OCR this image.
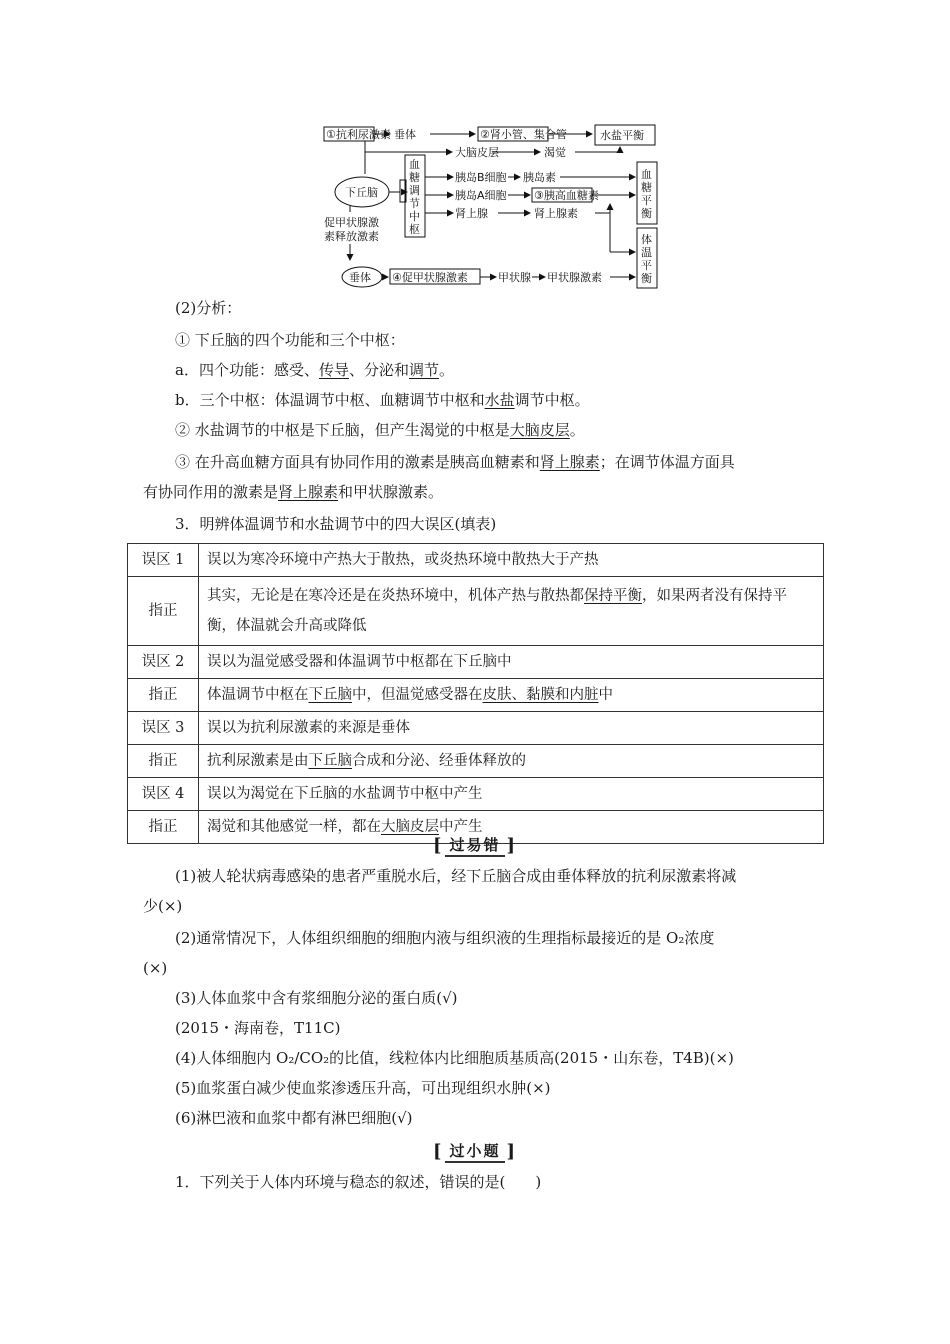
①抗利尿激素 垂体	②肾小管、集合管	水盐平衡
大脑皮层	渴觉
下丘脑
血
糖
调
节
中
枢
胰岛B细胞 胰岛素
胰岛A细胞 ③胰高血糖素
肾上腺	肾上腺素
血
糖
平
衡
体
温
平
衡
促甲状腺激
素释放激素
垂体 ④促甲状腺激素	甲状腺 甲状腺激素
(2)分析：
① 下丘脑的四个功能和三个中枢：
a．四个功能：感受、传导、分泌和调节。
b．三个中枢：体温调节中枢、血糖调节中枢和水盐调节中枢。
② 水盐调节的中枢是下丘脑，但产生渴觉的中枢是大脑皮层。
③ 在升高血糖方面具有协同作用的激素是胰高血糖素和肾上腺素；在调节体温方面具
有协同作用的激素是肾上腺素和甲状腺激素。
3．明辨体温调节和水盐调节中的四大误区(填表)
误区 1	误以为寒冷环境中产热大于散热，或炎热环境中散热大于产热
指正	其实，无论是在寒冷还是在炎热环境中，机体产热与散热都保持平衡，如果两者没有保持平衡，体温就会升高或降低
误区 2	误以为温觉感受器和体温调节中枢都在下丘脑中
指正	体温调节中枢在下丘脑中，但温觉感受器在皮肤、黏膜和内脏中
误区 3	误以为抗利尿激素的来源是垂体
指正	抗利尿激素是由下丘脑合成和分泌、经垂体释放的
误区 4	误以为渴觉在下丘脑的水盐调节中枢中产生
指正	渴觉和其他感觉一样，都在大脑皮层中产生
[ 过易错 ]
(1)被人轮状病毒感染的患者严重脱水后，经下丘脑合成由垂体释放的抗利尿激素将减
少(×)
(2)通常情况下，人体组织细胞的细胞内液与组织液的生理指标最接近的是 O₂浓度
(×)
(3)人体血浆中含有浆细胞分泌的蛋白质(√)
(2015・海南卷，T11C)
(4)人体细胞内 O₂/CO₂的比值，线粒体内比细胞质基质高(2015・山东卷，T4B)(×)
(5)血浆蛋白减少使血浆渗透压升高，可出现组织水肿(×)
(6)淋巴液和血浆中都有淋巴细胞(√)
[ 过小题 ]
1．下列关于人体内环境与稳态的叙述，错误的是(　　)
